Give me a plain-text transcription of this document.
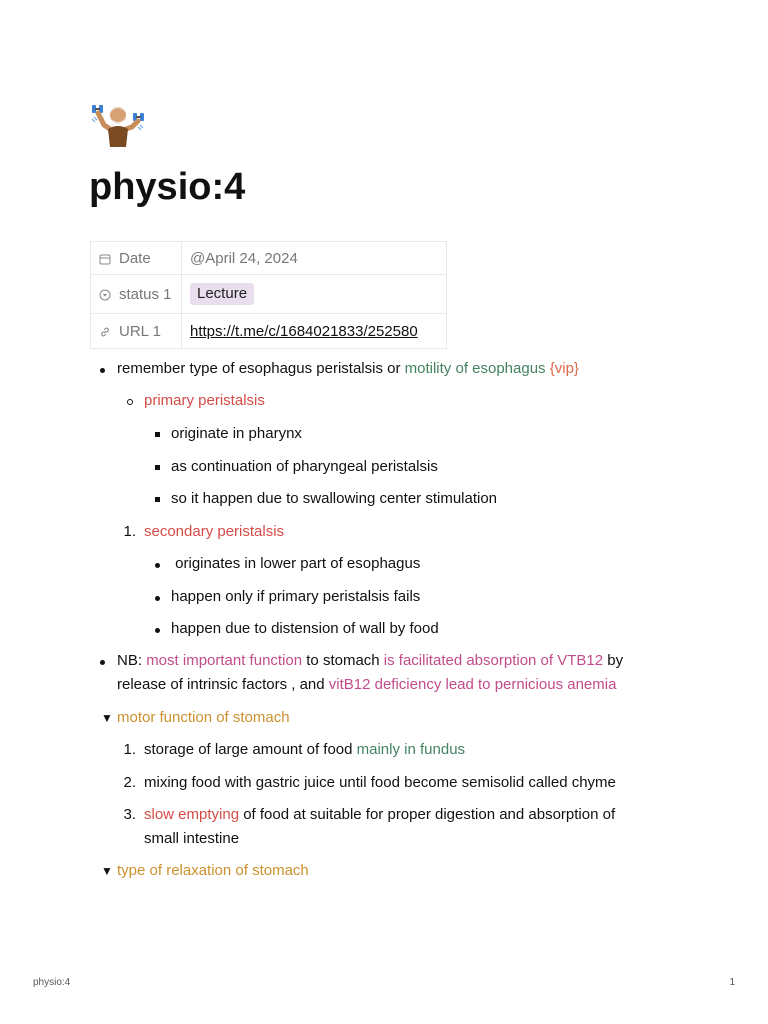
physio:4
Date	@April 24, 2024
status 1	Lecture
URL 1	https://t.me/c/1684021833/252580
remember type of esophagus peristalsis or motility of esophagus {vip}
primary peristalsis
originate in pharynx
as continuation of pharyngeal peristalsis
so it happen due to swallowing center stimulation
1. secondary peristalsis
originates in lower part of esophagus
happen only if primary peristalsis fails
happen due to distension of wall by food
NB: most important function to stomach is facilitated absorption of VTB12 by
release of intrinsic factors , and vitB12 deficiency lead to pernicious anemia
▼ motor function of stomach
1. storage of large amount of food mainly in fundus
2. mixing food with gastric juice until food become semisolid called chyme
3. slow emptying of food at suitable for proper digestion and absorption of
small intestine
▼ type of relaxation of stomach
physio:4	1
